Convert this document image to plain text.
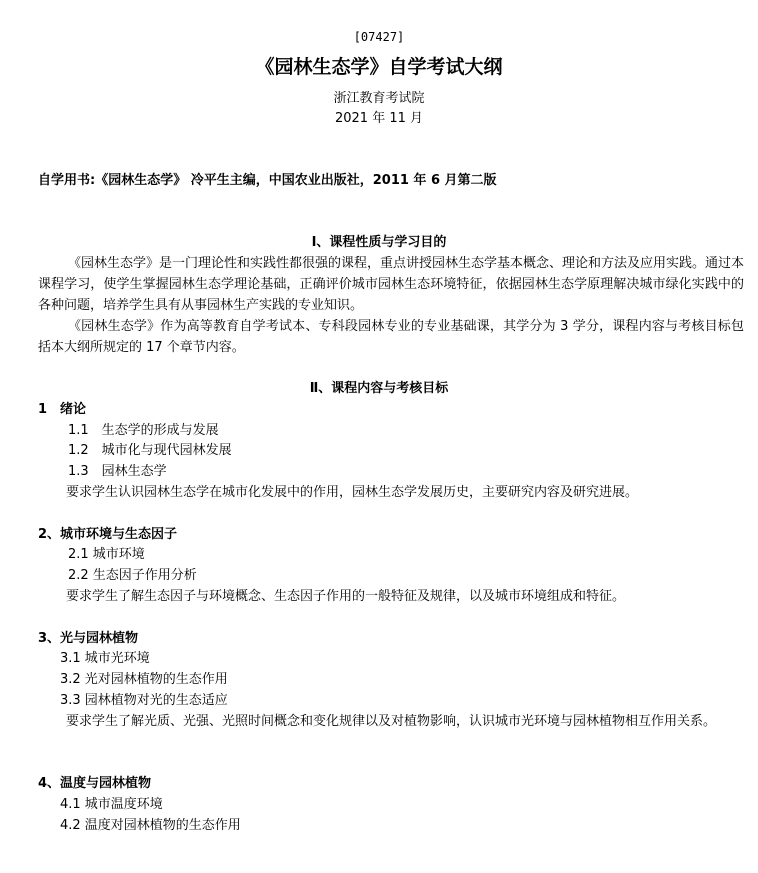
[07427]
《园林生态学》自学考试大纲
浙江教育考试院
2021 年 11 月
自学用书:《园林生态学》 冷平生主编，中国农业出版社，2011 年 6 月第二版
Ⅰ、课程性质与学习目的
《园林生态学》是一门理论性和实践性都很强的课程，重点讲授园林生态学基本概念、理论和方法及应用实践。通过本课程学习，使学生掌握园林生态学理论基础，正确评价城市园林生态环境特征，依据园林生态学原理解决城市绿化实践中的各种问题，培养学生具有从事园林生产实践的专业知识。
《园林生态学》作为高等教育自学考试本、专科段园林专业的专业基础课，其学分为 3 学分，课程内容与考核目标包括本大纲所规定的 17 个章节内容。
Ⅱ、课程内容与考核目标
1　绪论
1.1　生态学的形成与发展
1.2　城市化与现代园林发展
1.3　园林生态学
要求学生认识园林生态学在城市化发展中的作用，园林生态学发展历史，主要研究内容及研究进展。
2、城市环境与生态因子
2.1 城市环境
2.2 生态因子作用分析
要求学生了解生态因子与环境概念、生态因子作用的一般特征及规律，以及城市环境组成和特征。
3、光与园林植物
3.1 城市光环境
3.2 光对园林植物的生态作用
3.3 园林植物对光的生态适应
要求学生了解光质、光强、光照时间概念和变化规律以及对植物影响，认识城市光环境与园林植物相互作用关系。
4、温度与园林植物
4.1 城市温度环境
4.2 温度对园林植物的生态作用
